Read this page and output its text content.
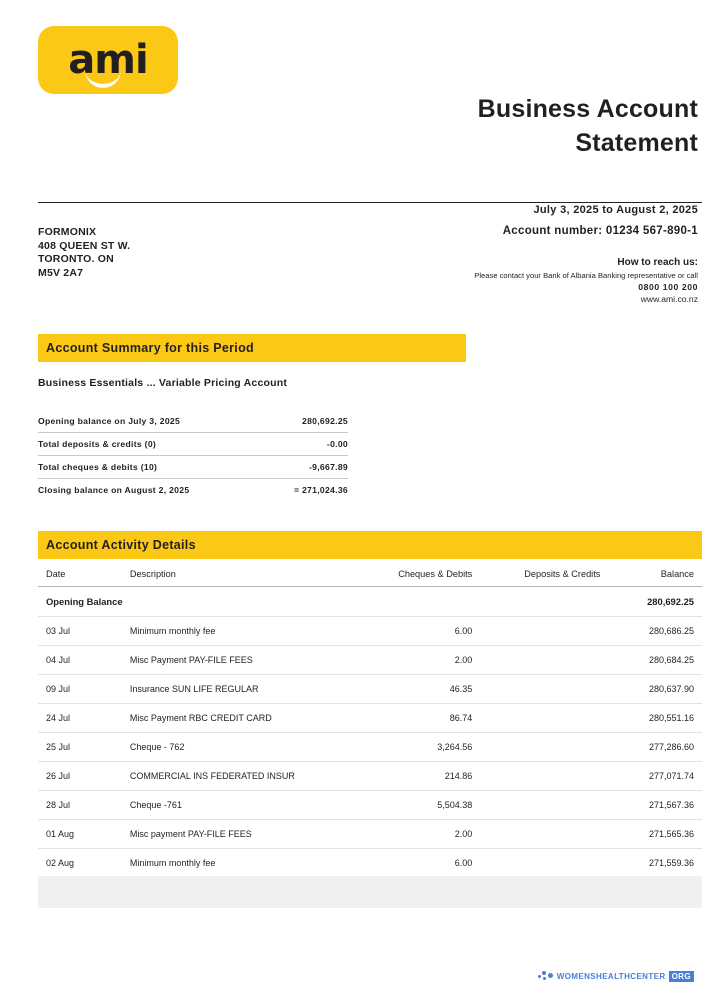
ami
Business Account
Statement
FORMONIX
408 QUEEN ST W.
TORONTO. ON
M5V 2A7
July 3, 2025 to August 2, 2025
Account number: 01234 567-890-1
How to reach us:
Please contact your Bank of Albania Banking representative or call
0800 100 200
www.ami.co.nz
Account Summary for this Period
Business Essentials ... Variable Pricing Account
Opening balance on July 3, 2025	280,692.25
Total deposits & credits (0)	-0.00
Total cheques & debits (10)	-9,667.89
Closing balance on August 2, 2025	= 271,024.36
Account Activity Details
Date	Description	Cheques & Debits	Deposits & Credits	Balance
Opening Balance				280,692.25
03 Jul	Minimum monthly fee	6.00		280,686.25
04 Jul	Misc Payment PAY-FILE FEES	2.00		280,684.25
09 Jul	Insurance SUN LIFE REGULAR	46.35		280,637.90
24 Jul	Misc Payment RBC CREDIT CARD	86.74		280,551.16
25 Jul	Cheque - 762	3,264.56		277,286.60
26 Jul	COMMERCIAL INS FEDERATED INSUR	214.86		277,071.74
28 Jul	Cheque -761	5,504.38		271,567.36
01 Aug	Misc payment PAY-FILE FEES	2.00		271,565.36
02 Aug	Minimum monthly fee	6.00		271,559.36
WOMENSHEALTHCENTER ORG
